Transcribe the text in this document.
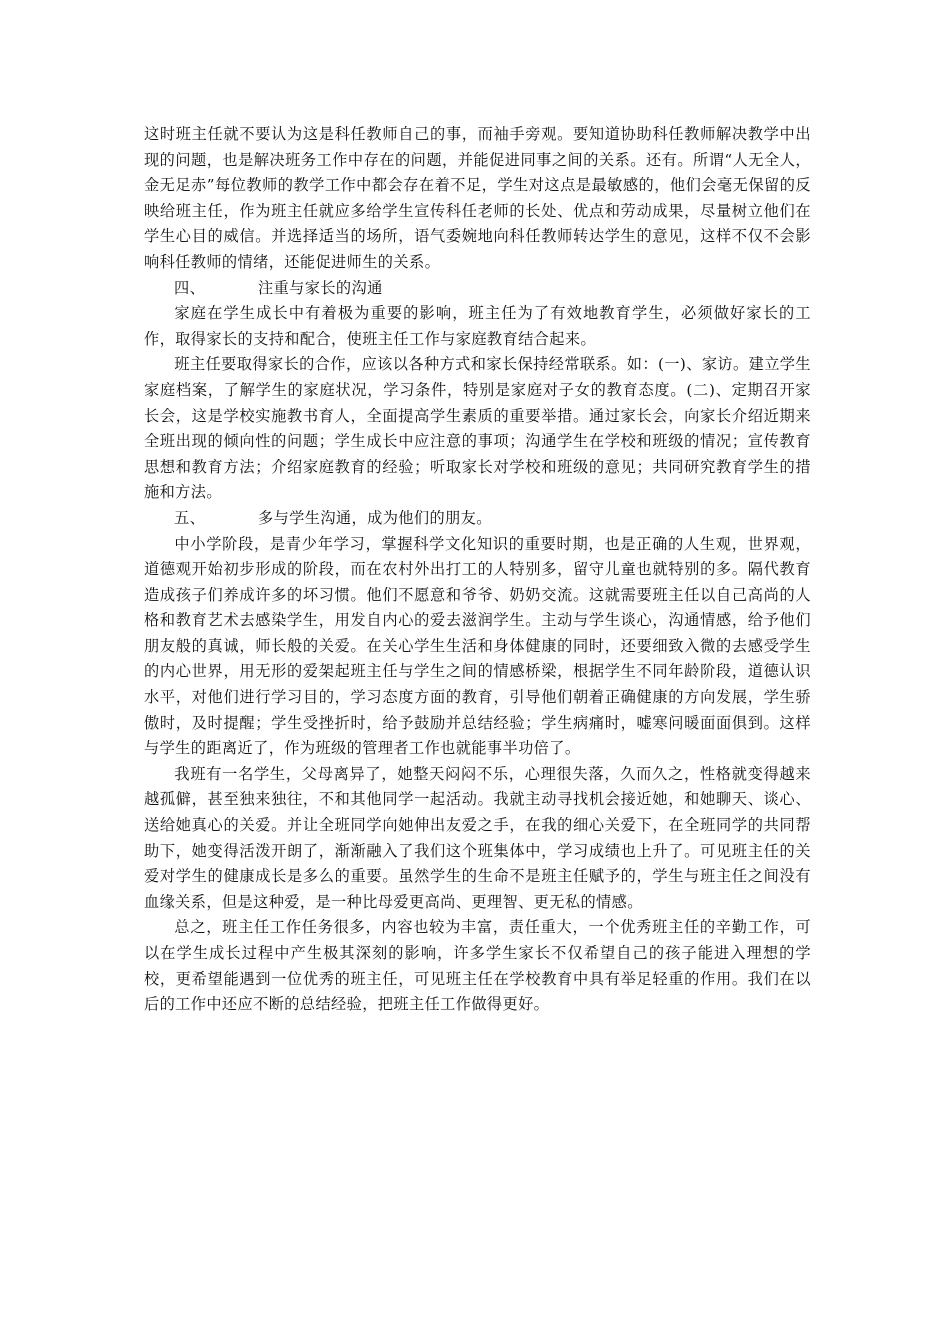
这时班主任就不要认为这是科任教师自己的事，而袖手旁观。要知道协助科任教师解决教学中出现的问题，也是解决班务工作中存在的问题，并能促进同事之间的关系。还有。所谓“人无全人，金无足赤”每位教师的教学工作中都会存在着不足，学生对这点是最敏感的，他们会毫无保留的反映给班主任，作为班主任就应多给学生宣传科任老师的长处、优点和劳动成果，尽量树立他们在学生心目的威信。并选择适当的场所，语气委婉地向科任教师转达学生的意见，这样不仅不会影响科任教师的情绪，还能促进师生的关系。

四、	注重与家长的沟通

家庭在学生成长中有着极为重要的影响，班主任为了有效地教育学生，必须做好家长的工作，取得家长的支持和配合，使班主任工作与家庭教育结合起来。

班主任要取得家长的合作，应该以各种方式和家长保持经常联系。如：(一)、家访。建立学生家庭档案，了解学生的家庭状况，学习条件，特别是家庭对子女的教育态度。(二)、定期召开家长会，这是学校实施教书育人，全面提高学生素质的重要举措。通过家长会，向家长介绍近期来全班出现的倾向性的问题；学生成长中应注意的事项；沟通学生在学校和班级的情况；宣传教育思想和教育方法；介绍家庭教育的经验；听取家长对学校和班级的意见；共同研究教育学生的措施和方法。

五、	多与学生沟通，成为他们的朋友。

中小学阶段，是青少年学习，掌握科学文化知识的重要时期，也是正确的人生观，世界观，道德观开始初步形成的阶段，而在农村外出打工的人特别多，留守儿童也就特别的多。隔代教育造成孩子们养成许多的坏习惯。他们不愿意和爷爷、奶奶交流。这就需要班主任以自己高尚的人格和教育艺术去感染学生，用发自内心的爱去滋润学生。主动与学生谈心，沟通情感，给予他们朋友般的真诚，师长般的关爱。在关心学生生活和身体健康的同时，还要细致入微的去感受学生的内心世界，用无形的爱架起班主任与学生之间的情感桥梁，根据学生不同年龄阶段，道德认识水平，对他们进行学习目的，学习态度方面的教育，引导他们朝着正确健康的方向发展，学生骄傲时，及时提醒；学生受挫折时，给予鼓励并总结经验；学生病痛时，嘘寒问暖面面俱到。这样与学生的距离近了，作为班级的管理者工作也就能事半功倍了。

我班有一名学生，父母离异了，她整天闷闷不乐，心理很失落，久而久之，性格就变得越来越孤僻，甚至独来独往，不和其他同学一起活动。我就主动寻找机会接近她，和她聊天、谈心、送给她真心的关爱。并让全班同学向她伸出友爱之手，在我的细心关爱下，在全班同学的共同帮助下，她变得活泼开朗了，渐渐融入了我们这个班集体中，学习成绩也上升了。可见班主任的关爱对学生的健康成长是多么的重要。虽然学生的生命不是班主任赋予的，学生与班主任之间没有血缘关系，但是这种爱，是一种比母爱更高尚、更理智、更无私的情感。

总之，班主任工作任务很多，内容也较为丰富，责任重大，一个优秀班主任的辛勤工作，可以在学生成长过程中产生极其深刻的影响，许多学生家长不仅希望自己的孩子能进入理想的学校，更希望能遇到一位优秀的班主任，可见班主任在学校教育中具有举足轻重的作用。我们在以后的工作中还应不断的总结经验，把班主任工作做得更好。
